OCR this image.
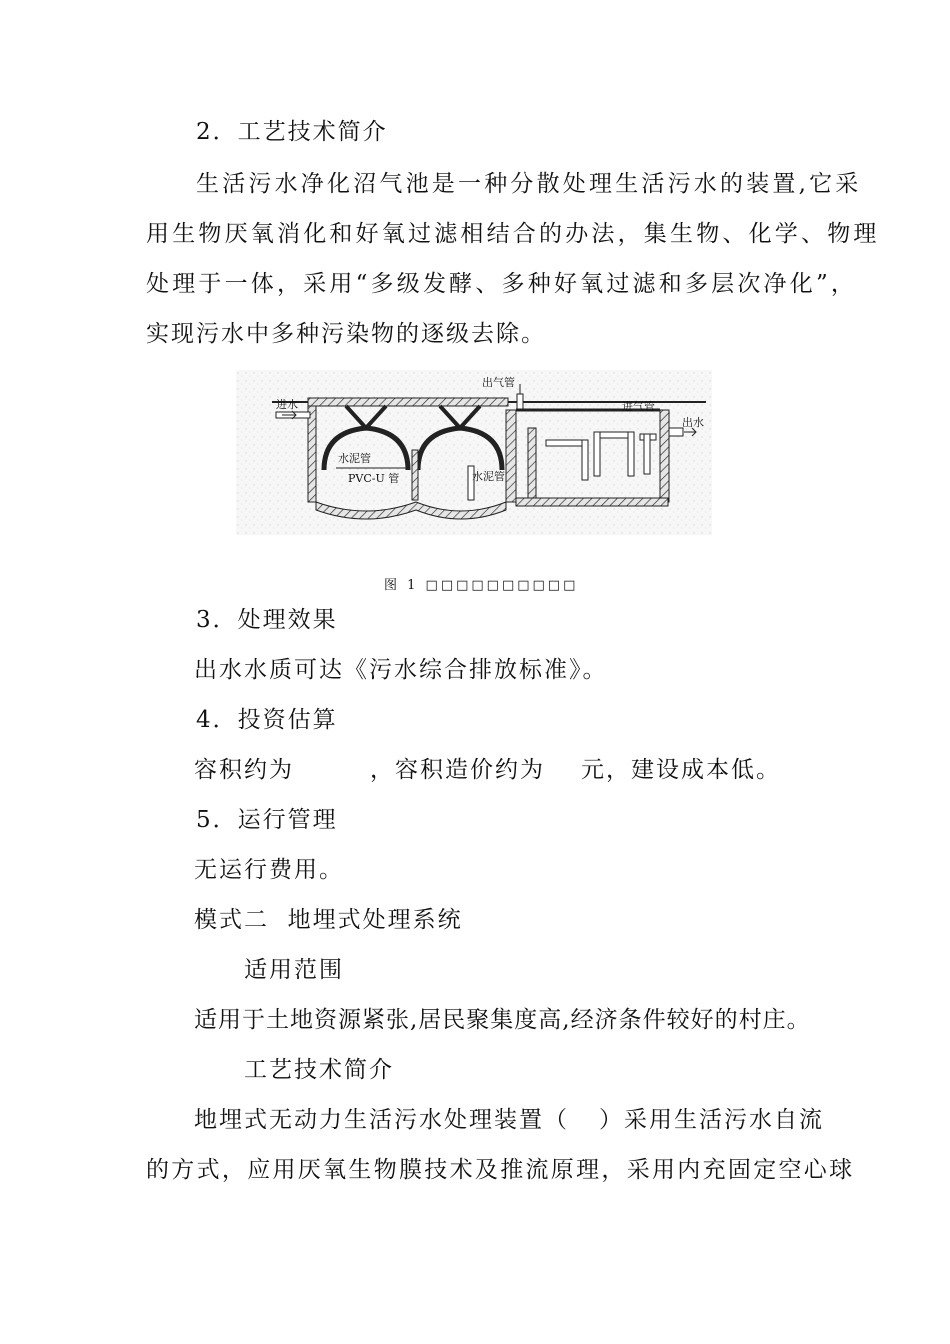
2．工艺技术简介
生活污水净化沼气池是一种分散处理生活污水的装置,它采
用生物厌氧消化和好氧过滤相结合的办法，集生物、化学、物理
处理于一体，采用“多级发酵、多种好氧过滤和多层次净化”，
实现污水中多种污染物的逐级去除。
出气管
进水
出水
进气管
水泥管
水泥管
PVC-U 管
图 1 □□□□□□□□□□
3．处理效果
出水水质可达《污水综合排放标准》。
4．投资估算
容积约为	，容积造价约为 元，建设成本低。
5．运行管理
无运行费用。
模式二  地埋式处理系统
适用范围
适用于土地资源紧张,居民聚集度高,经济条件较好的村庄。
工艺技术简介
地埋式无动力生活污水处理装置（ ）采用生活污水自流
的方式，应用厌氧生物膜技术及推流原理，采用内充固定空心球
